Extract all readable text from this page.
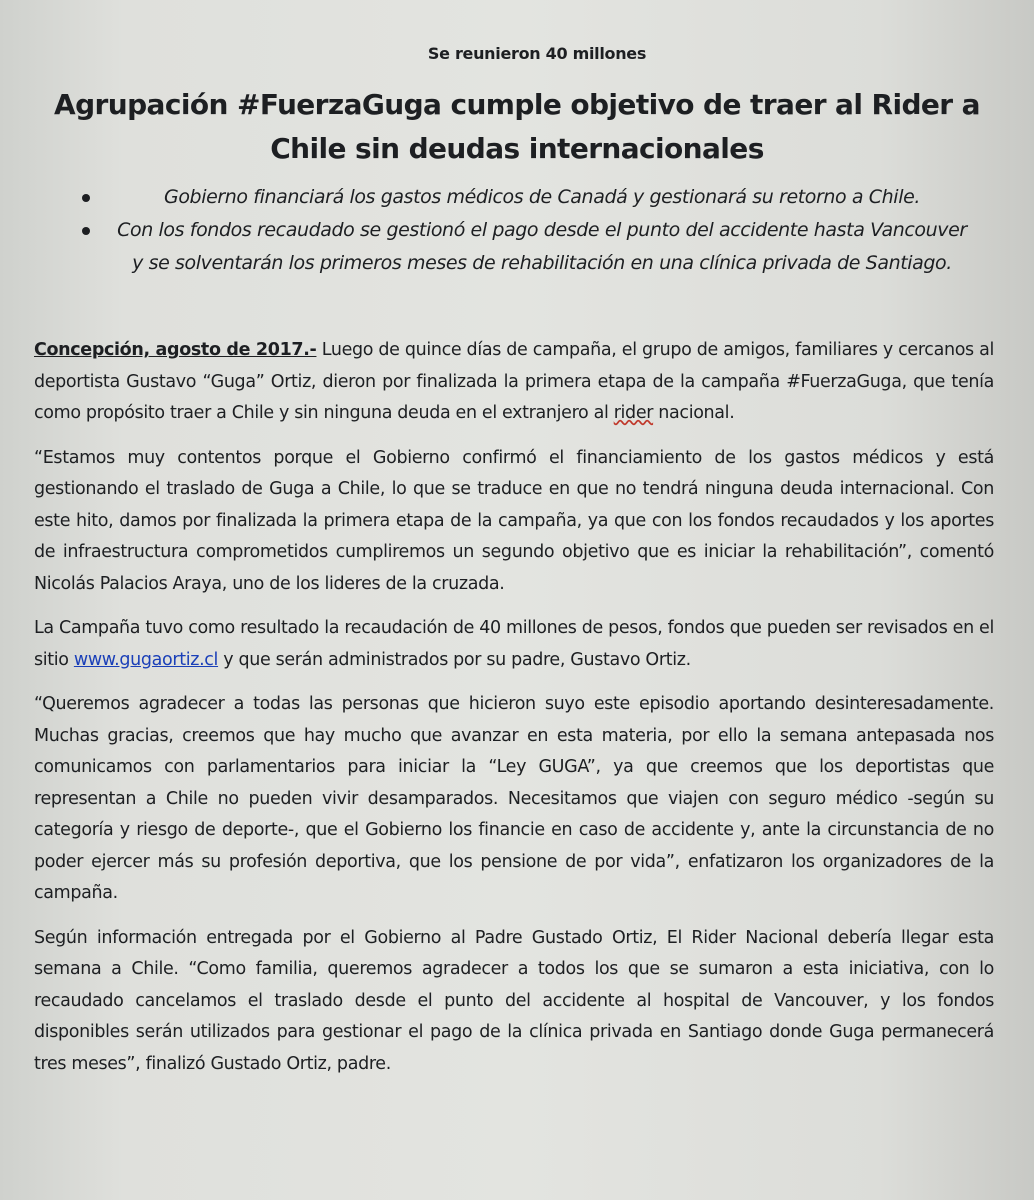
Se reunieron 40 millones
Agrupación #FuerzaGuga cumple objetivo de traer al Rider a Chile sin deudas internacionales
Gobierno financiará los gastos médicos de Canadá y gestionará su retorno a Chile.
Con los fondos recaudado se gestionó el pago desde el punto del accidente hasta Vancouver y se solventarán los primeros meses de rehabilitación en una clínica privada de Santiago.

Concepción, agosto de 2017.- Luego de quince días de campaña, el grupo de amigos, familiares y cercanos al deportista Gustavo “Guga” Ortiz, dieron por finalizada la primera etapa de la campaña #FuerzaGuga, que tenía como propósito traer a Chile y sin ninguna deuda en el extranjero al rider nacional.

“Estamos muy contentos porque el Gobierno confirmó el financiamiento de los gastos médicos y está gestionando el traslado de Guga a Chile, lo que se traduce en que no tendrá ninguna deuda internacional. Con este hito, damos por finalizada la primera etapa de la campaña, ya que con los fondos recaudados y los aportes de infraestructura comprometidos cumpliremos un segundo objetivo que es iniciar la rehabilitación”, comentó Nicolás Palacios Araya, uno de los lideres de la cruzada.

La Campaña tuvo como resultado la recaudación de 40 millones de pesos, fondos que pueden ser revisados en el sitio www.gugaortiz.cl y que serán administrados por su padre, Gustavo Ortiz.

“Queremos agradecer a todas las personas que hicieron suyo este episodio aportando desinteresadamente. Muchas gracias, creemos que hay mucho que avanzar en esta materia, por ello la semana antepasada nos comunicamos con parlamentarios para iniciar la “Ley GUGA”, ya que creemos que los deportistas que representan a Chile no pueden vivir desamparados. Necesitamos que viajen con seguro médico -según su categoría y riesgo de deporte-, que el Gobierno los financie en caso de accidente y, ante la circunstancia de no poder ejercer más su profesión deportiva, que los pensione de por vida”, enfatizaron los organizadores de la campaña.

Según información entregada por el Gobierno al Padre Gustado Ortiz, El Rider Nacional debería llegar esta semana a Chile. “Como familia, queremos agradecer a todos los que se sumaron a esta iniciativa, con lo recaudado cancelamos el traslado desde el punto del accidente al hospital de Vancouver, y los fondos disponibles serán utilizados para gestionar el pago de la clínica privada en Santiago donde Guga permanecerá tres meses”, finalizó Gustado Ortiz, padre.
